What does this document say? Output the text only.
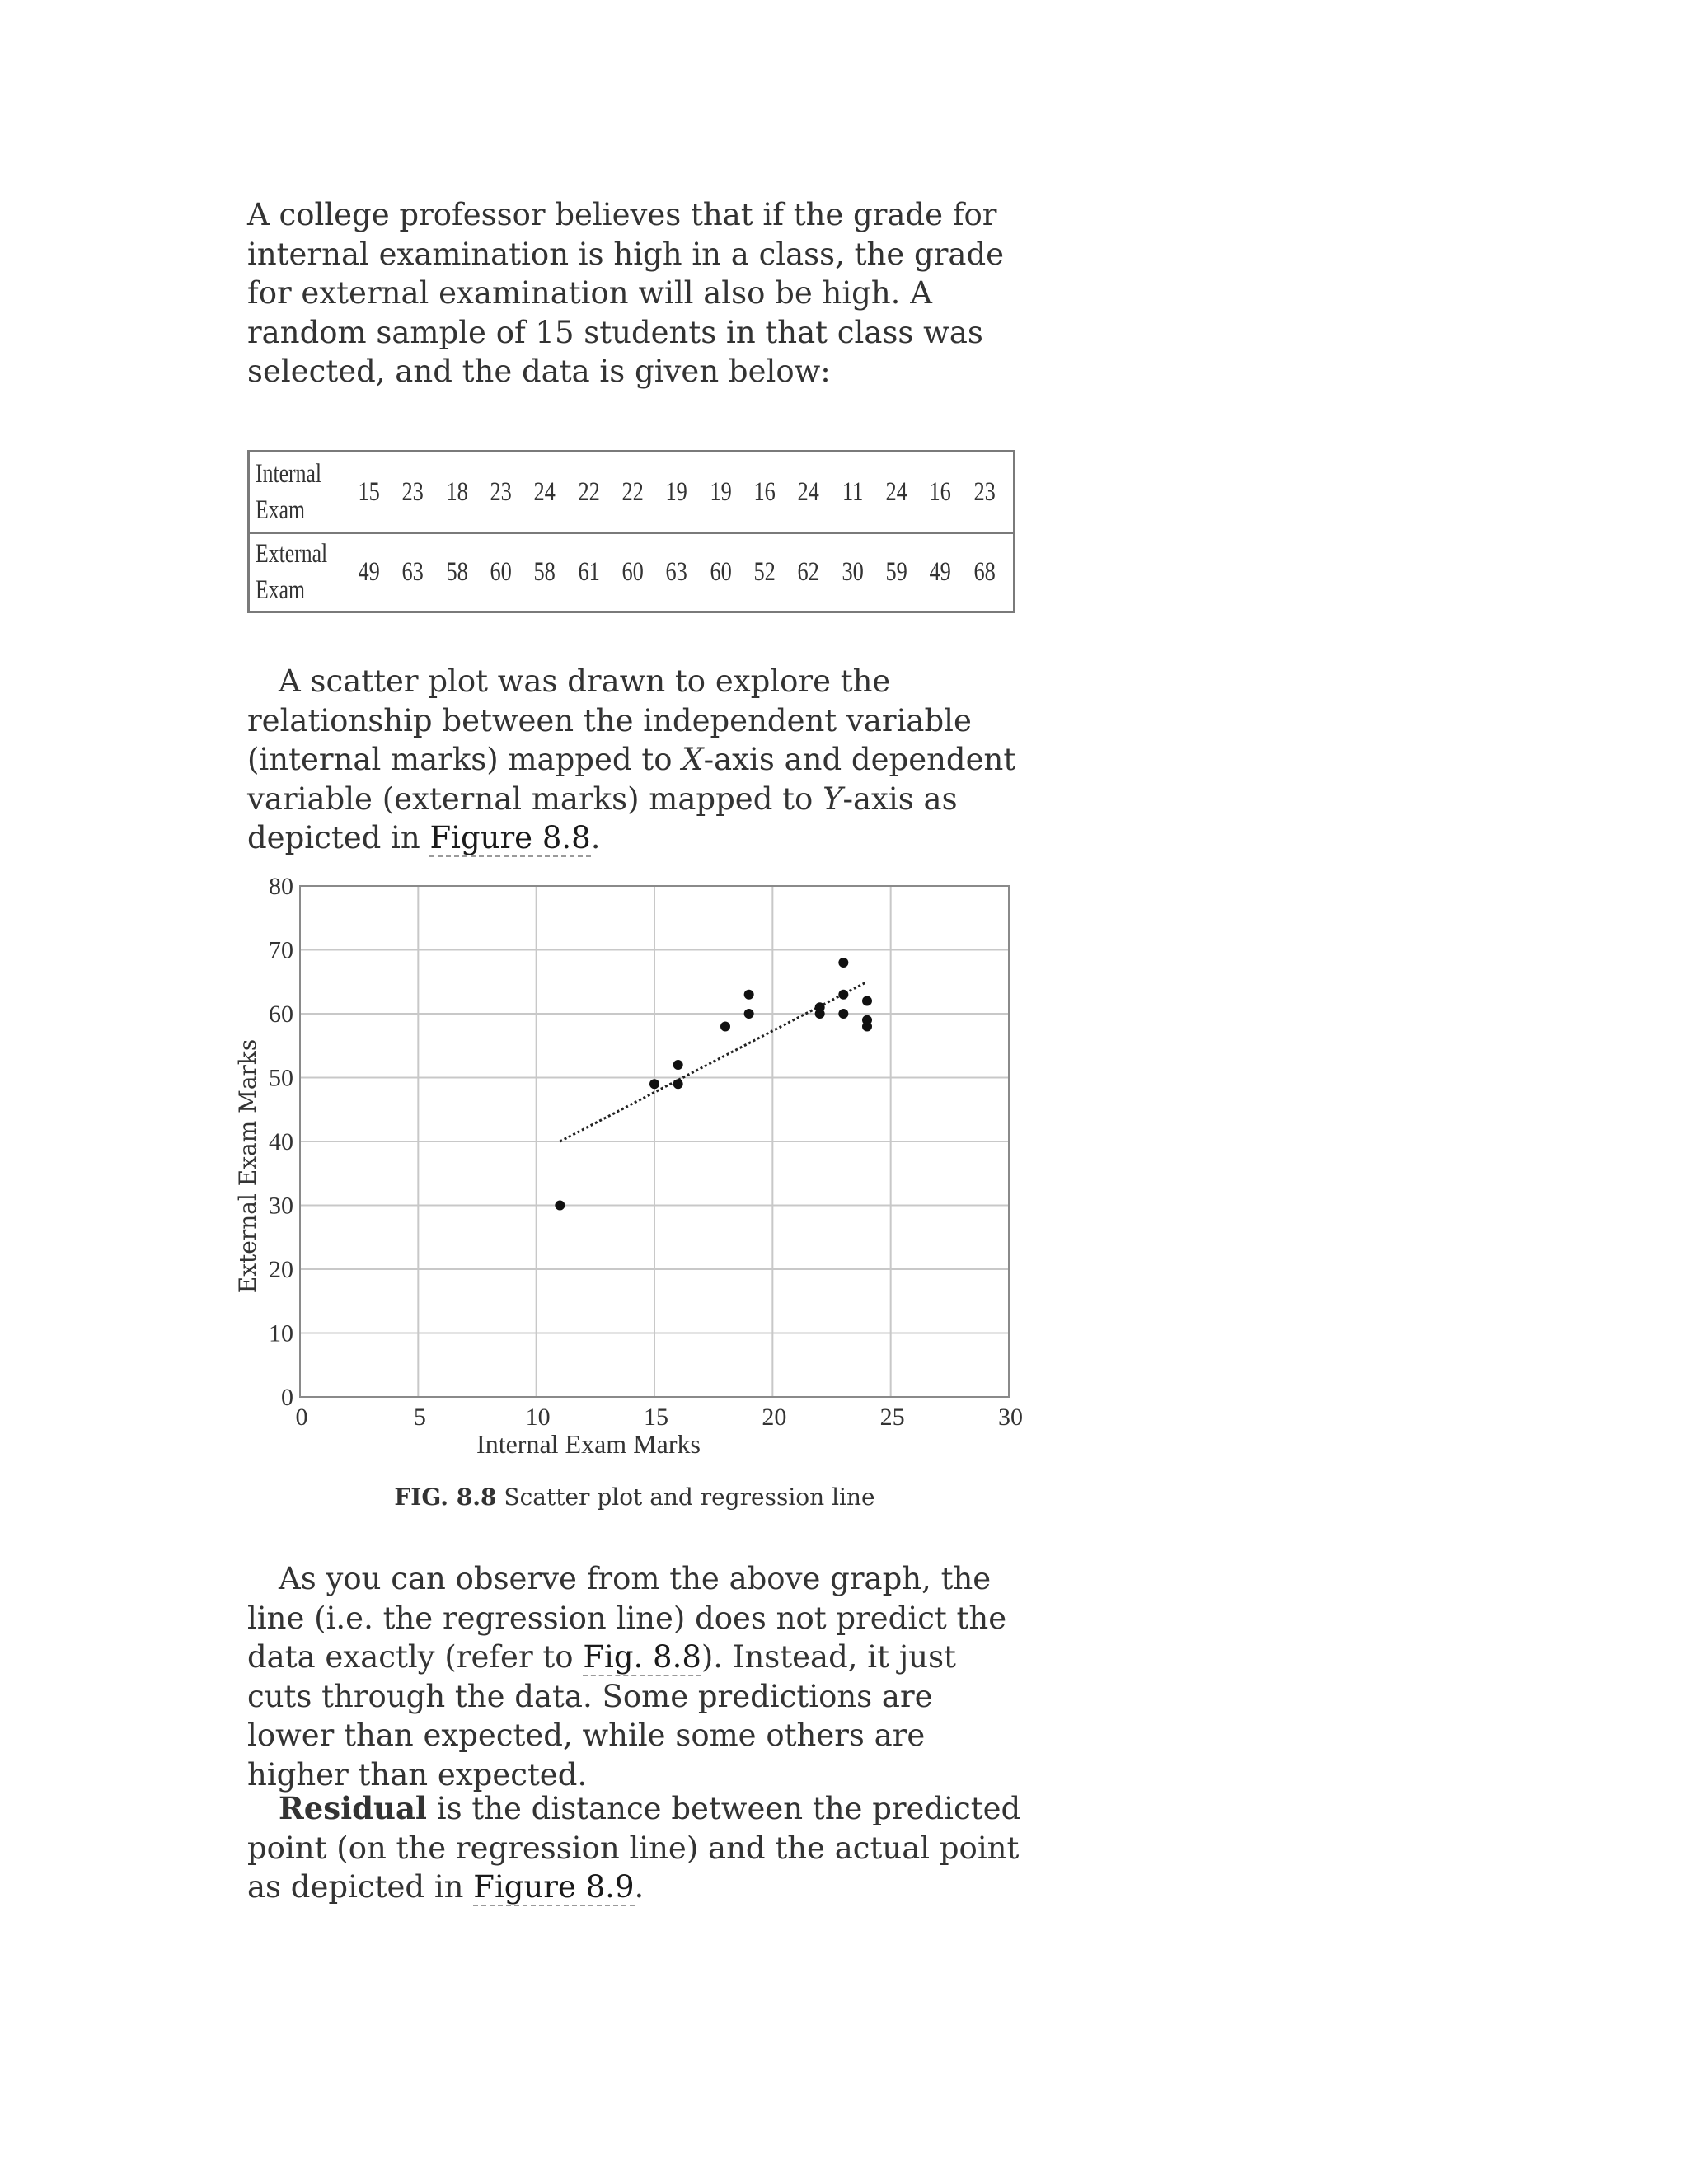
A college professor believes that if the grade for internal examination is high in a class, the grade for external examination will also be high. A random sample of 15 students in that class was selected, and the data is given below:

Internal
Exam
15 23 18 23 24 22 22 19 19 16 24 11 24 16 23
External
Exam
49 63 58 60 58 61 60 63 60 52 62 30 59 49 68

A scatter plot was drawn to explore the relationship between the independent variable (internal marks) mapped to X-axis and dependent variable (external marks) mapped to Y-axis as depicted in Figure 8.8.

0
10
20
30
40
50
60
70
80
0	5	10	15	20	25	30
Internal Exam Marks
External Exam Marks
FIG. 8.8 Scatter plot and regression line

As you can observe from the above graph, the line (i.e. the regression line) does not predict the data exactly (refer to Fig. 8.8). Instead, it just cuts through the data. Some predictions are lower than expected, while some others are higher than expected.

Residual is the distance between the predicted point (on the regression line) and the actual point as depicted in Figure 8.9.
